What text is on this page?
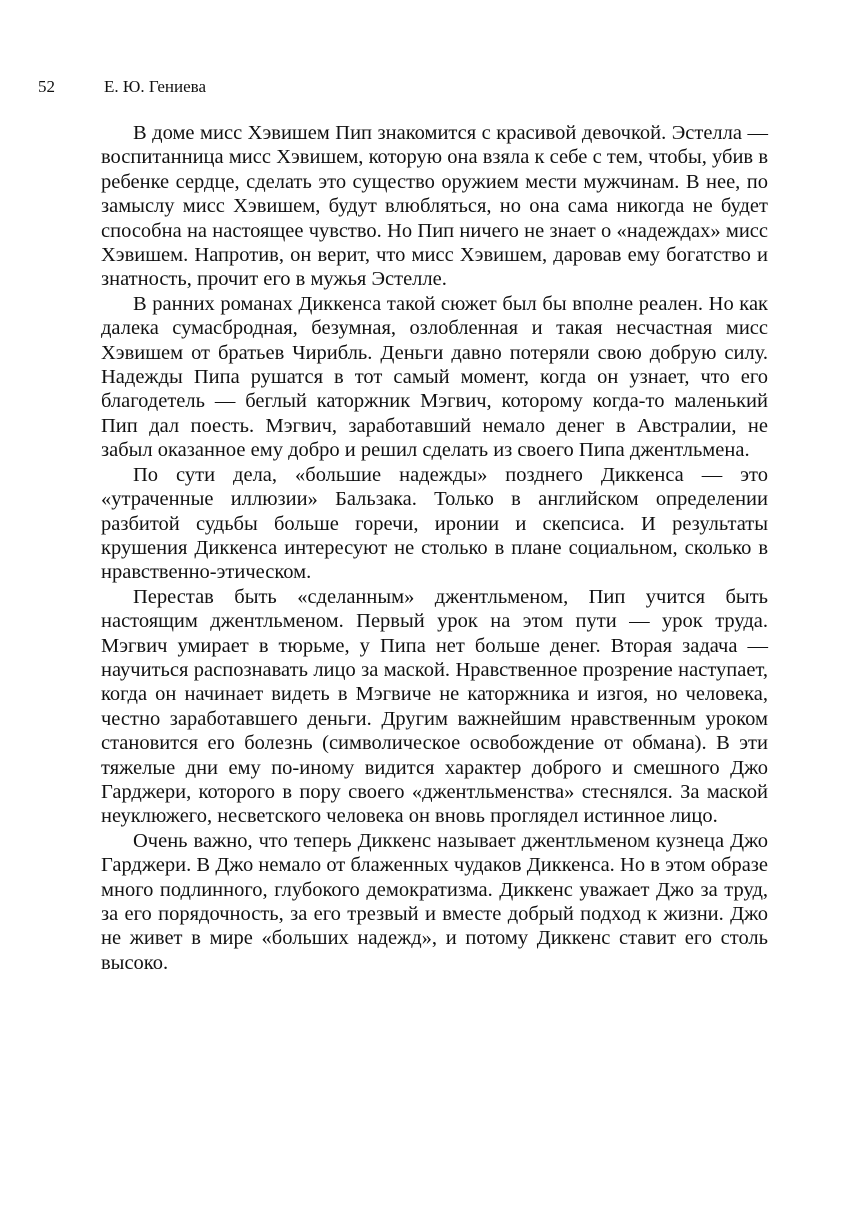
52	Е. Ю. Гениева

В доме мисс Хэвишем Пип знакомится с красивой девочкой. Эстелла — воспитанница мисс Хэвишем, которую она взяла к себе с тем, чтобы, убив в ребенке сердце, сделать это существо оружием мести мужчинам. В нее, по замыслу мисс Хэвишем, будут влюбляться, но она сама никогда не будет способна на настоящее чувство. Но Пип ничего не знает о «надеждах» мисс Хэвишем. Напротив, он верит, что мисс Хэвишем, даровав ему богатство и знатность, прочит его в мужья Эстелле.

В ранних романах Диккенса такой сюжет был бы вполне реален. Но как далека сумасбродная, безумная, озлобленная и такая несчастная мисс Хэвишем от братьев Чирибль. Деньги давно потеряли свою добрую силу. Надежды Пипа рушатся в тот самый момент, когда он узнает, что его благодетель — беглый каторжник Мэгвич, которому когда-то маленький Пип дал поесть. Мэгвич, заработавший немало денег в Австралии, не забыл оказанное ему добро и решил сделать из своего Пипа джентльмена.

По сути дела, «большие надежды» позднего Диккенса — это «утраченные иллюзии» Бальзака. Только в английском определении разбитой судьбы больше горечи, иронии и скепсиса. И результаты крушения Диккенса интересуют не столько в плане социальном, сколько в нравственно-этическом.

Перестав быть «сделанным» джентльменом, Пип учится быть настоящим джентльменом. Первый урок на этом пути — урок труда. Мэгвич умирает в тюрьме, у Пипа нет больше денег. Вторая задача — научиться распознавать лицо за маской. Нравственное прозрение наступает, когда он начинает видеть в Мэгвиче не каторжника и изгоя, но человека, честно заработавшего деньги. Другим важнейшим нравственным уроком становится его болезнь (символическое освобождение от обмана). В эти тяжелые дни ему по-иному видится характер доброго и смешного Джо Гарджери, которого в пору своего «джентльменства» стеснялся. За маской неуклюжего, несветского человека он вновь проглядел истинное лицо.

Очень важно, что теперь Диккенс называет джентльменом кузнеца Джо Гарджери. В Джо немало от блаженных чудаков Диккенса. Но в этом образе много подлинного, глубокого демократизма. Диккенс уважает Джо за труд, за его порядочность, за его трезвый и вместе добрый подход к жизни. Джо не живет в мире «больших надежд», и потому Диккенс ставит его столь высоко.
